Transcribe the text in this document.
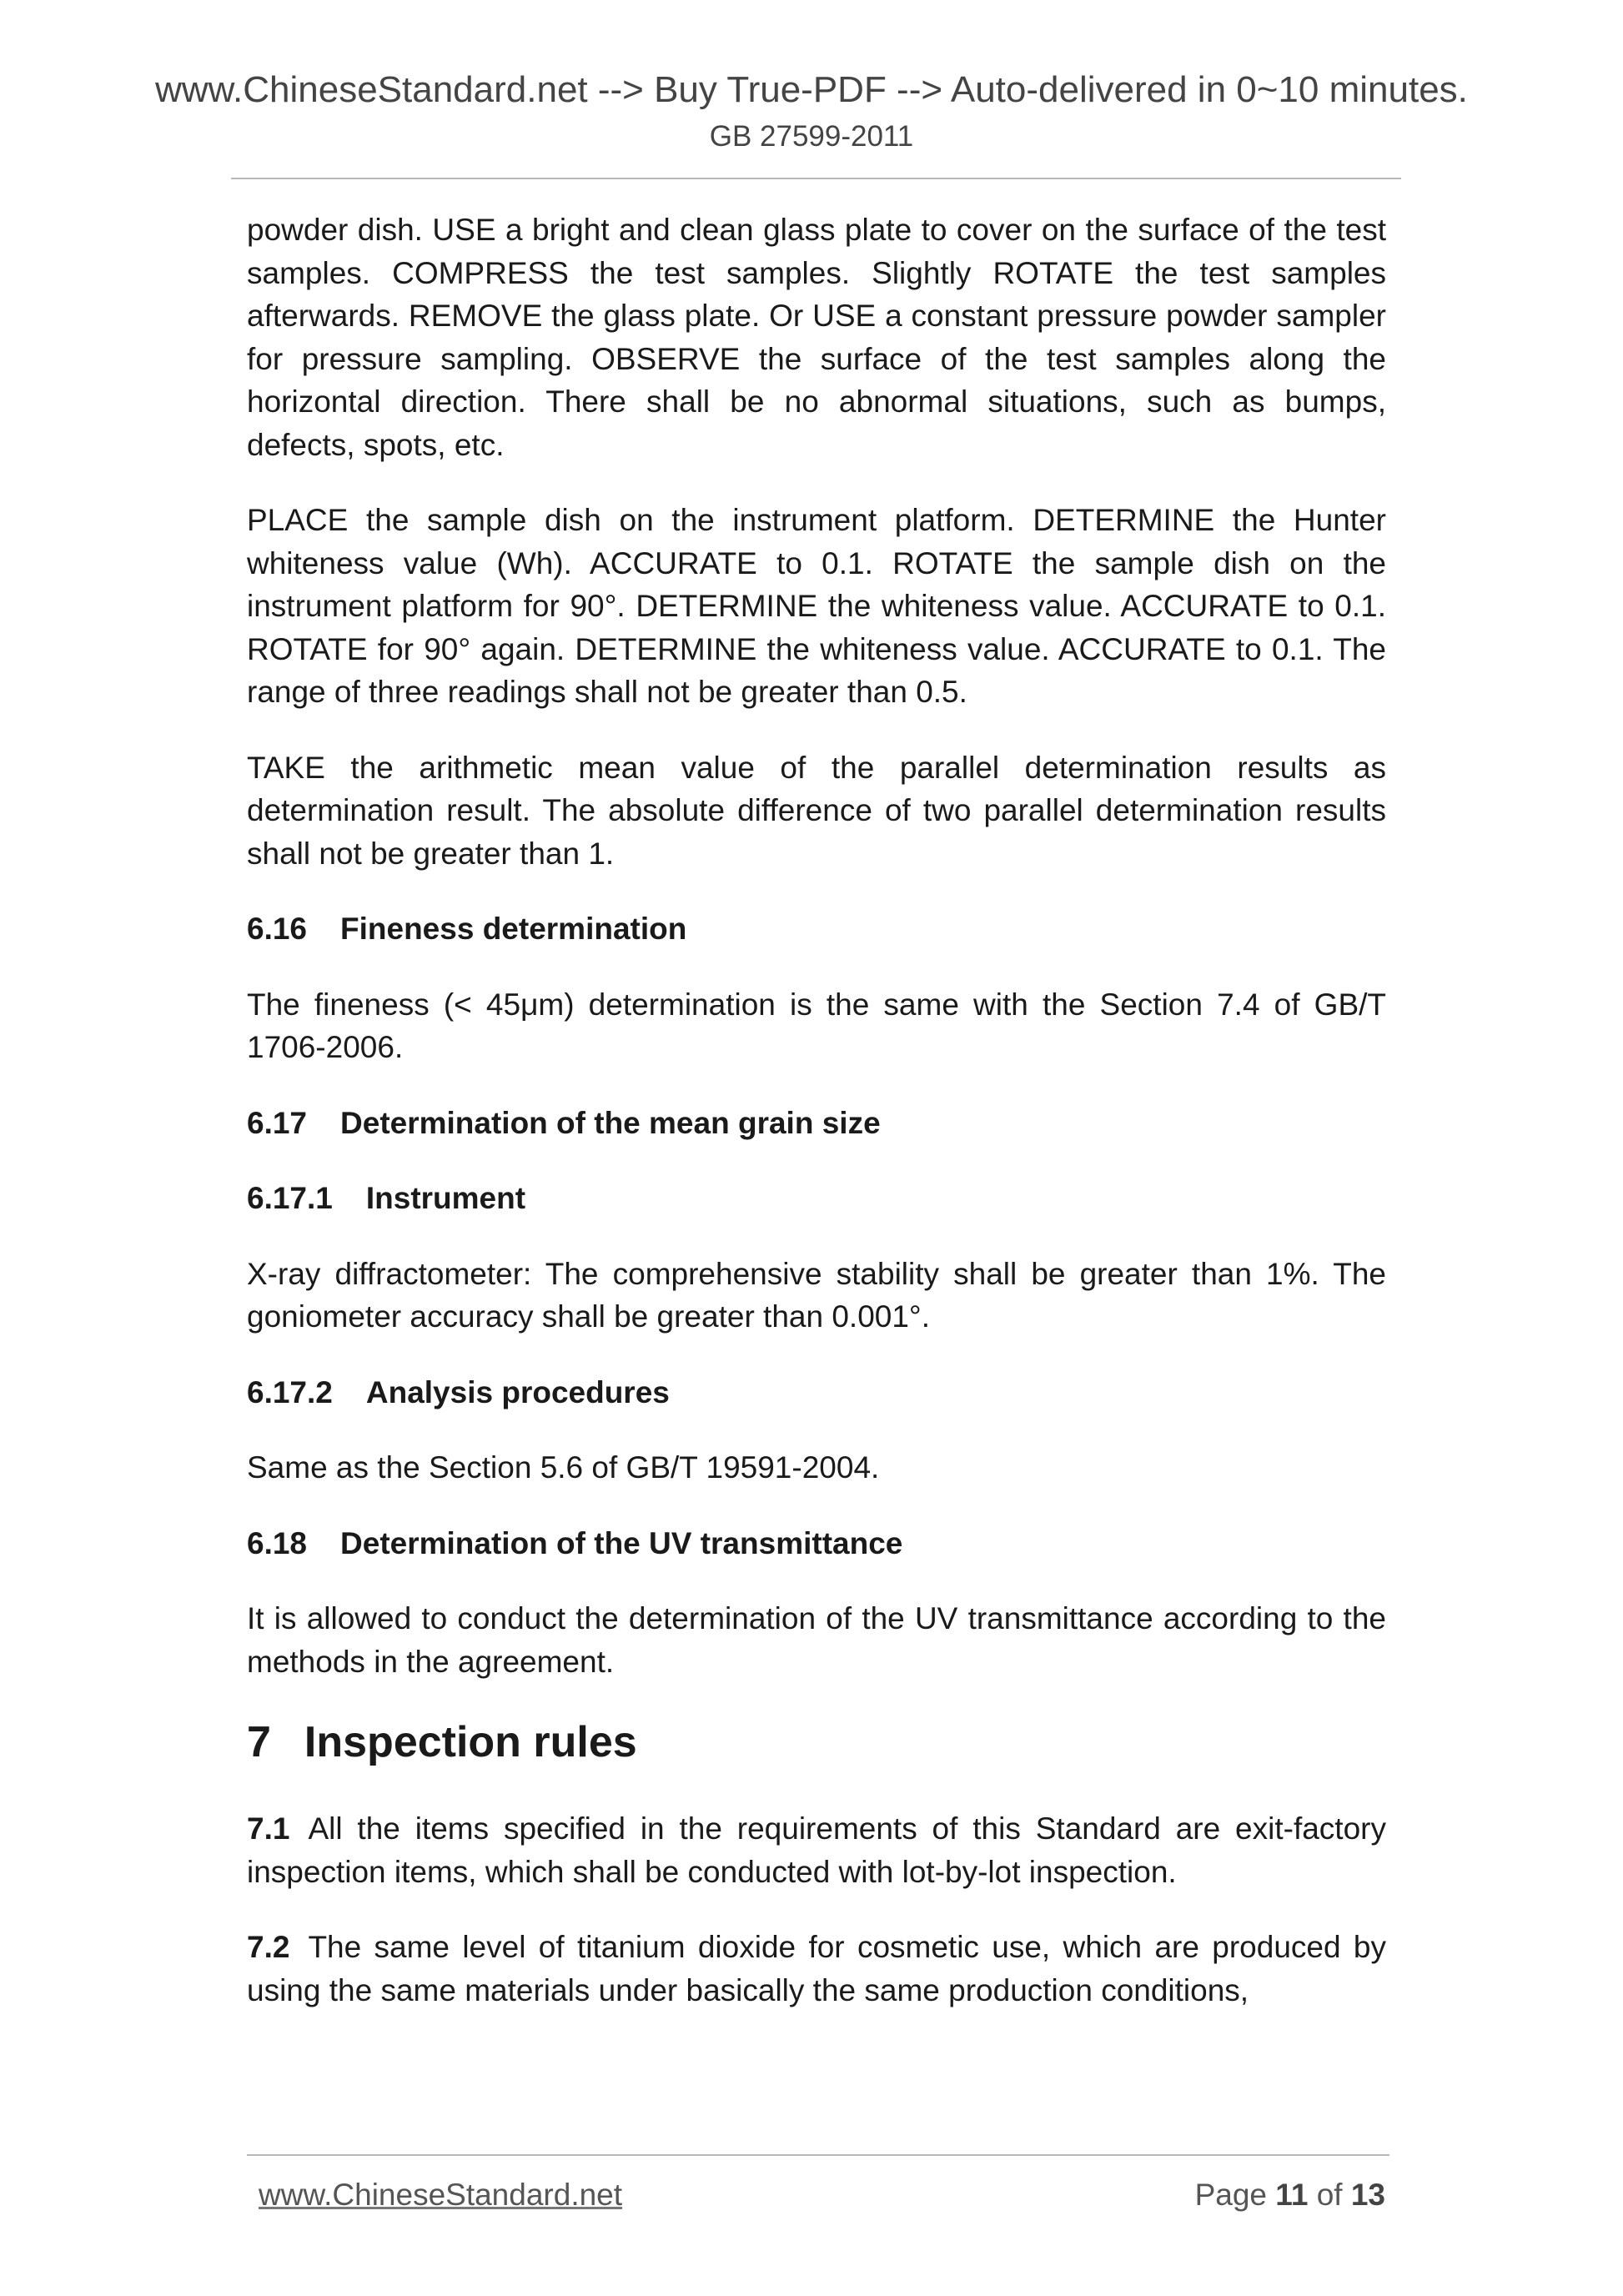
www.ChineseStandard.net --> Buy True-PDF --> Auto-delivered in 0~10 minutes.
GB 27599-2011

powder dish. USE a bright and clean glass plate to cover on the surface of the test samples. COMPRESS the test samples. Slightly ROTATE the test samples afterwards. REMOVE the glass plate. Or USE a constant pressure powder sampler for pressure sampling. OBSERVE the surface of the test samples along the horizontal direction. There shall be no abnormal situations, such as bumps, defects, spots, etc.

PLACE the sample dish on the instrument platform. DETERMINE the Hunter whiteness value (Wh). ACCURATE to 0.1. ROTATE the sample dish on the instrument platform for 90°. DETERMINE the whiteness value. ACCURATE to 0.1. ROTATE for 90° again. DETERMINE the whiteness value. ACCURATE to 0.1. The range of three readings shall not be greater than 0.5.

TAKE the arithmetic mean value of the parallel determination results as determination result. The absolute difference of two parallel determination results shall not be greater than 1.

6.16 Fineness determination

The fineness (< 45μm) determination is the same with the Section 7.4 of GB/T 1706-2006.

6.17 Determination of the mean grain size
6.17.1 Instrument

X-ray diffractometer: The comprehensive stability shall be greater than 1%. The goniometer accuracy shall be greater than 0.001°.

6.17.2 Analysis procedures

Same as the Section 5.6 of GB/T 19591-2004.

6.18 Determination of the UV transmittance

It is allowed to conduct the determination of the UV transmittance according to the methods in the agreement.

7 Inspection rules

7.1 All the items specified in the requirements of this Standard are exit-factory inspection items, which shall be conducted with lot-by-lot inspection.

7.2 The same level of titanium dioxide for cosmetic use, which are produced by using the same materials under basically the same production conditions,

www.ChineseStandard.net	Page 11 of 13
